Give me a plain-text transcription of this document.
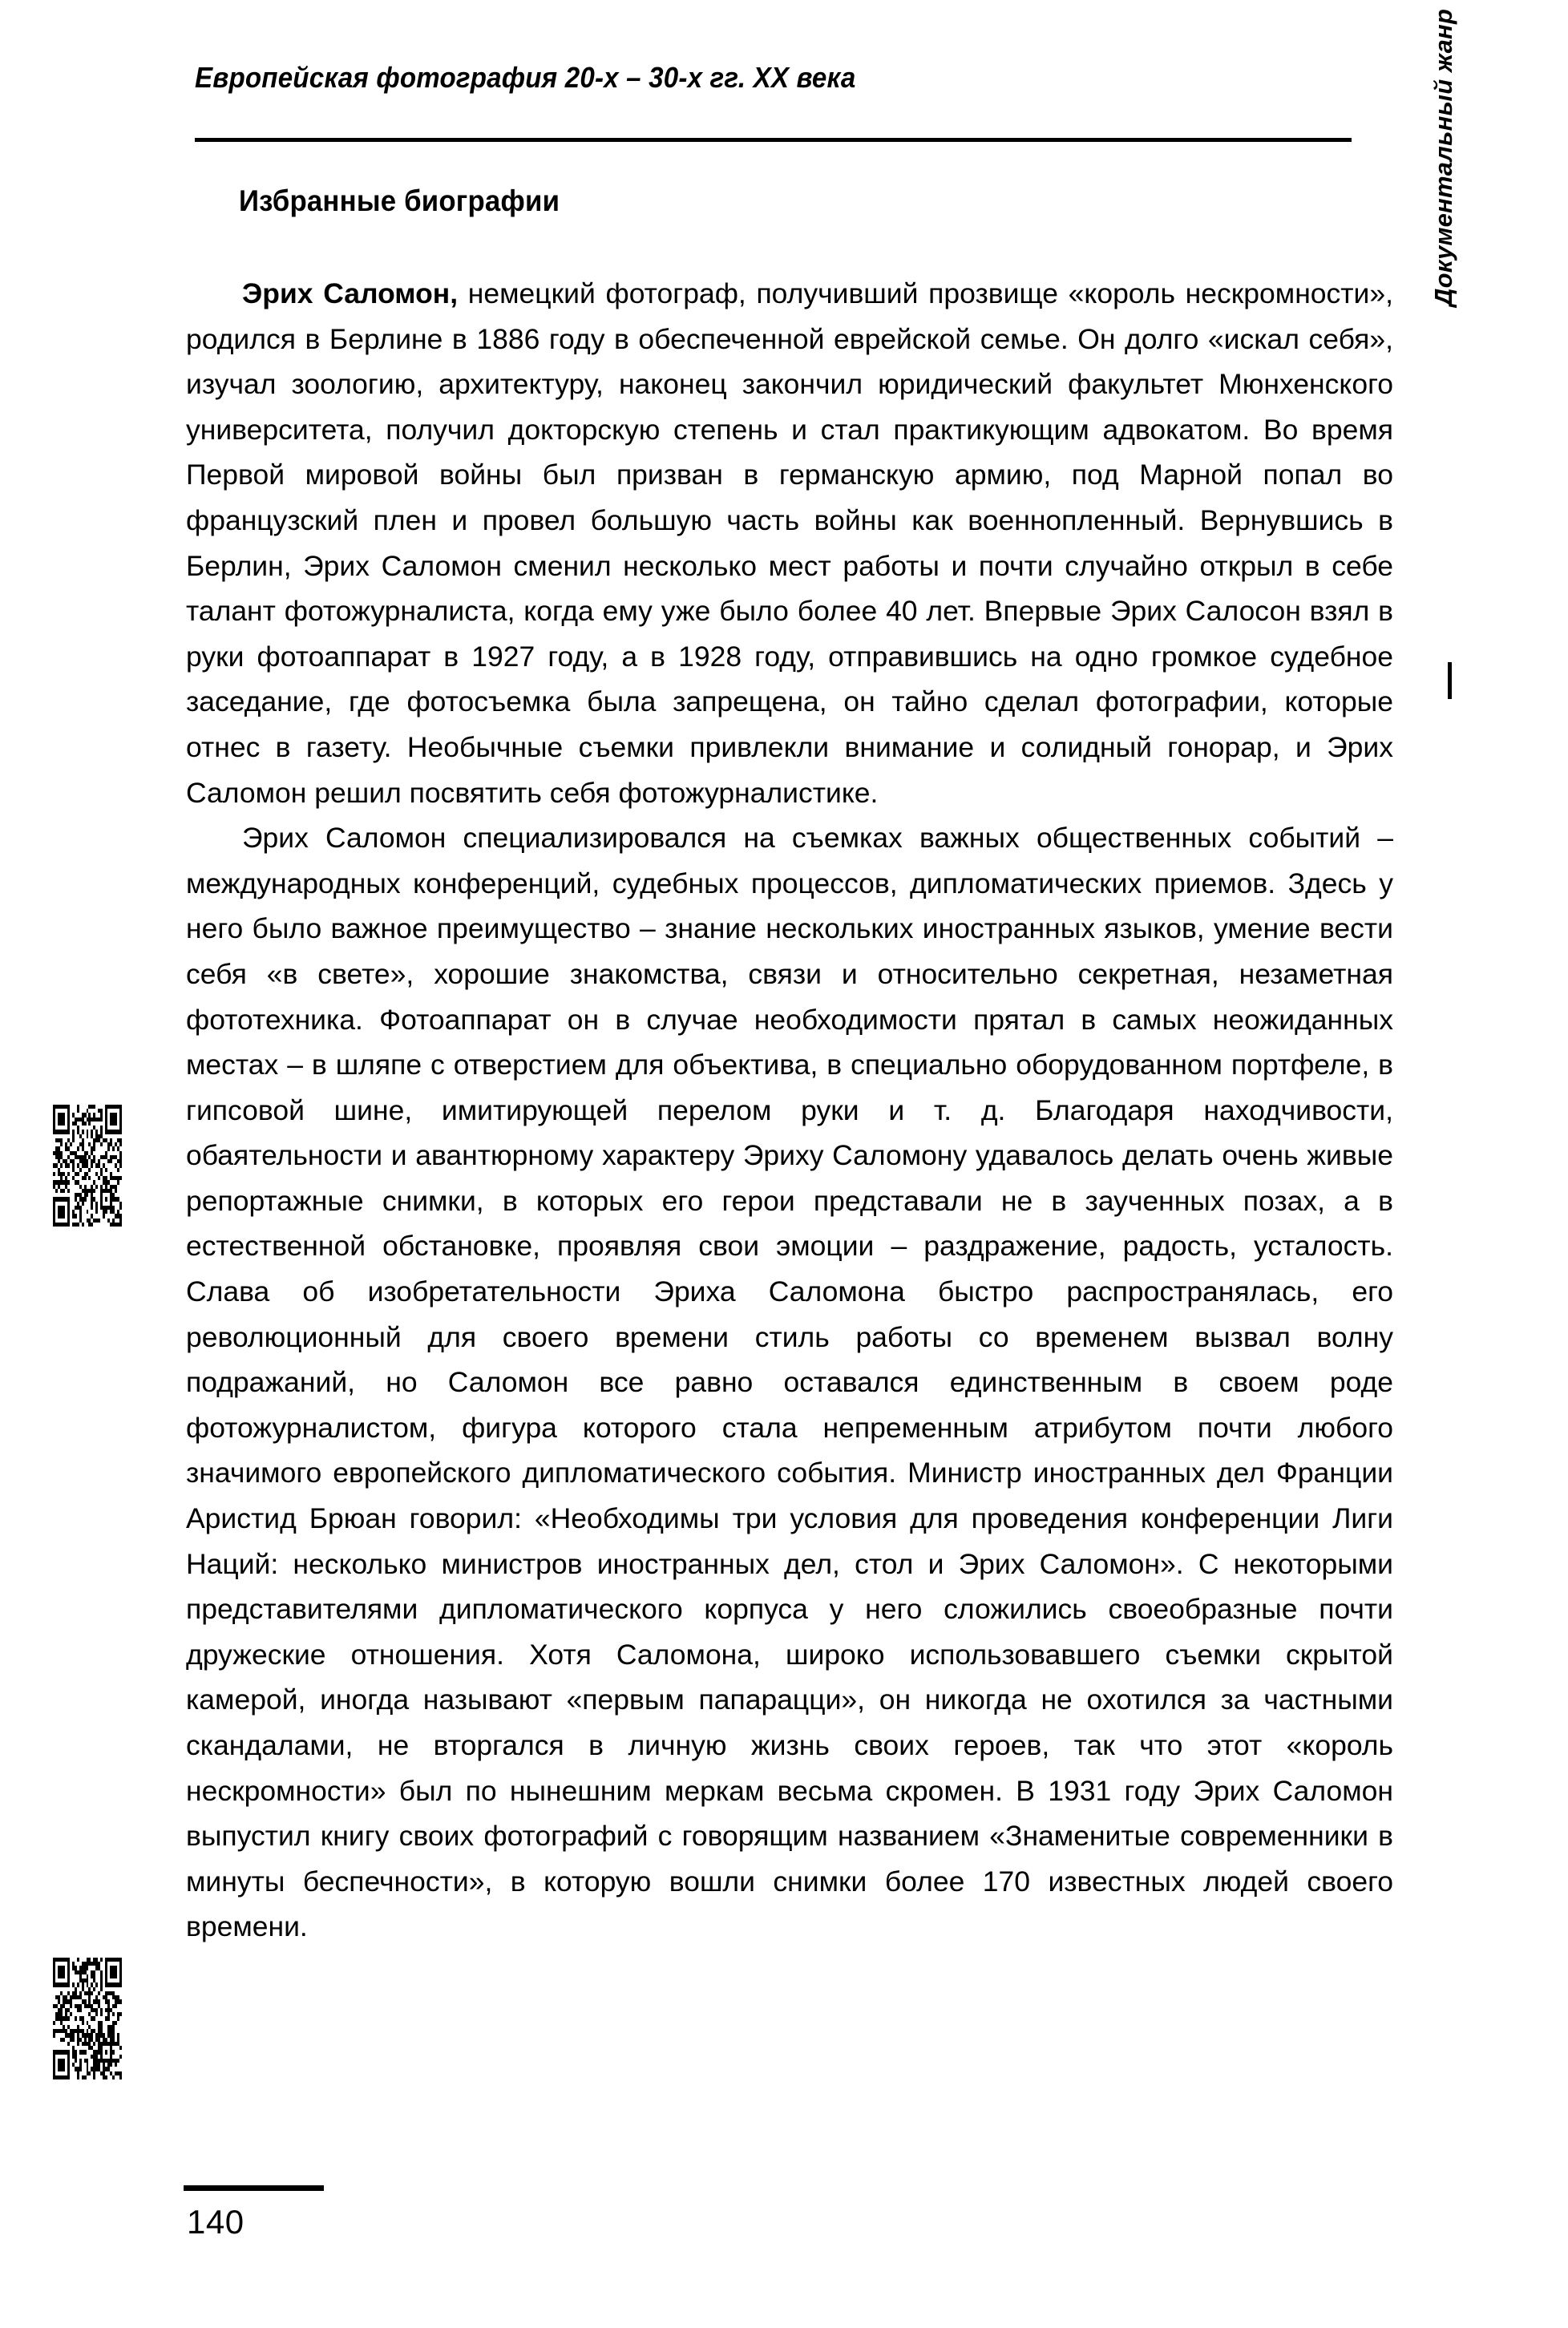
Европейская фотография 20-х – 30-х гг. XX века
Избранные биографии

Эрих Саломон, немецкий фотограф, получивший прозвище «король нескромности», родился в Берлине в 1886 году в обеспеченной еврейской семье. Он долго «искал себя», изучал зоологию, архитектуру, наконец закончил юридический факультет Мюнхенского университета, получил докторскую степень и стал практикующим адвокатом. Во время Первой мировой войны был призван в германскую армию, под Марной попал во французский плен и провел большую часть войны как военнопленный. Вернувшись в Берлин, Эрих Саломон сменил несколько мест работы и почти случайно открыл в себе талант фотожурналиста, когда ему уже было более 40 лет. Впервые Эрих Салосон взял в руки фотоаппарат в 1927 году, а в 1928 году, отправившись на одно громкое судебное заседание, где фотосъемка была запрещена, он тайно сделал фотографии, которые отнес в газету. Необычные съемки привлекли внимание и солидный гонорар, и Эрих Саломон решил посвятить себя фотожурналистике.

Эрих Саломон специализировался на съемках важных общественных событий – международных конференций, судебных процессов, дипломатических приемов. Здесь у него было важное преимущество – знание нескольких иностранных языков, умение вести себя «в свете», хорошие знакомства, связи и относительно секретная, незаметная фототехника. Фотоаппарат он в случае необходимости прятал в самых неожиданных местах – в шляпе с отверстием для объектива, в специально оборудованном портфеле, в гипсовой шине, имитирующей перелом руки и т. д. Благодаря находчивости, обаятельности и авантюрному характеру Эриху Саломону удавалось делать очень живые репортажные снимки, в которых его герои представали не в заученных позах, а в естественной обстановке, проявляя свои эмоции – раздражение, радость, усталость. Слава об изобретательности Эриха Саломона быстро распространялась, его революционный для своего времени стиль работы со временем вызвал волну подражаний, но Саломон все равно оставался единственным в своем роде фотожурналистом, фигура которого стала непременным атрибутом почти любого значимого европейского дипломатического события. Министр иностранных дел Франции Аристид Брюан говорил: «Необходимы три условия для проведения конференции Лиги Наций: несколько министров иностранных дел, стол и Эрих Саломон». С некоторыми представителями дипломатического корпуса у него сложились своеобразные почти дружеские отношения. Хотя Саломона, широко использовавшего съемки скрытой камерой, иногда называют «первым папарацци», он никогда не охотился за частными скандалами, не вторгался в личную жизнь своих героев, так что этот «король нескромности» был по нынешним меркам весьма скромен. В 1931 году Эрих Саломон выпустил книгу своих фотографий с говорящим названием «Знаменитые современники в минуты беспечности», в которую вошли снимки более 170 известных людей своего времени.

Документальный жанр
140
